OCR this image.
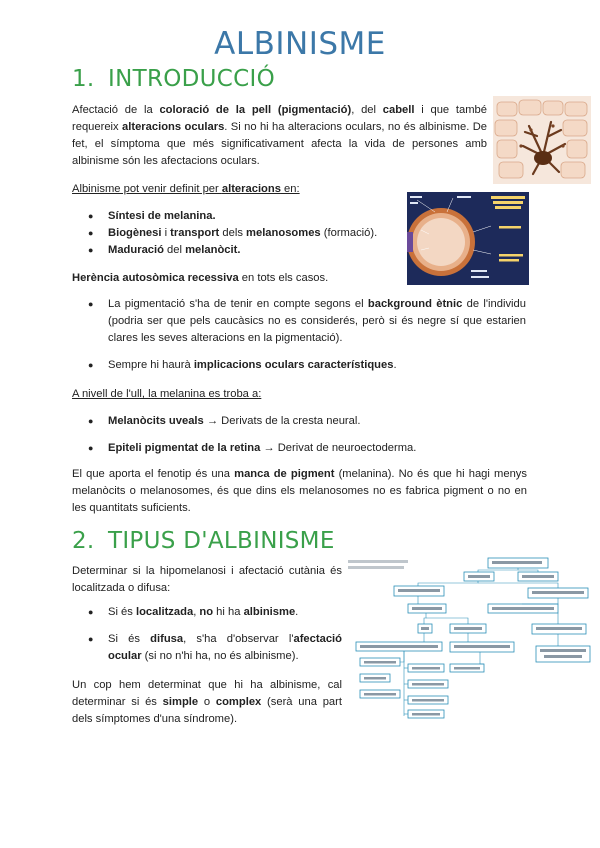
ALBINISME
1. INTRODUCCIÓ
Afectació de la coloració de la pell (pigmentació), del cabell i que també requereix alteracions oculars. Si no hi ha alteracions oculars, no és albinisme. De fet, el símptoma que més significativament afecta la vida de persones amb albinisme són les afectacions oculars.
Albinisme pot venir definit per alteracions en:
● Síntesi de melanina.
● Biogènesi i transport dels melanosomes (formació).
● Maduració del melanòcit.
Herència autosòmica recessiva en tots els casos.
● La pigmentació s'ha de tenir en compte segons el background ètnic de l'individu (podria ser que pels caucàsics no es considerés, però si és negre sí que estarien clares les seves alteracions en la pigmentació).
● Sempre hi haurà implicacions oculars característiques.
A nivell de l'ull, la melanina es troba a:
● Melanòcits uveals → Derivats de la cresta neural.
● Epiteli pigmentat de la retina → Derivat de neuroectoderma.
El que aporta el fenotip és una manca de pigment (melanina). No és que hi hagi menys melanòcits o melanosomes, és que dins els melanosomes no es fabrica pigment o no en les quantitats suficients.
2. TIPUS D'ALBINISME
Determinar si la hipomelanosi i afectació cutània és localitzada o difusa:
● Si és localitzada, no hi ha albinisme.
● Si és difusa, s'ha d'observar l'afectació ocular (si no n'hi ha, no és albinisme).
Un cop hem determinat que hi ha albinisme, cal determinar si és simple o complex (serà una part dels símptomes d'una síndrome).
